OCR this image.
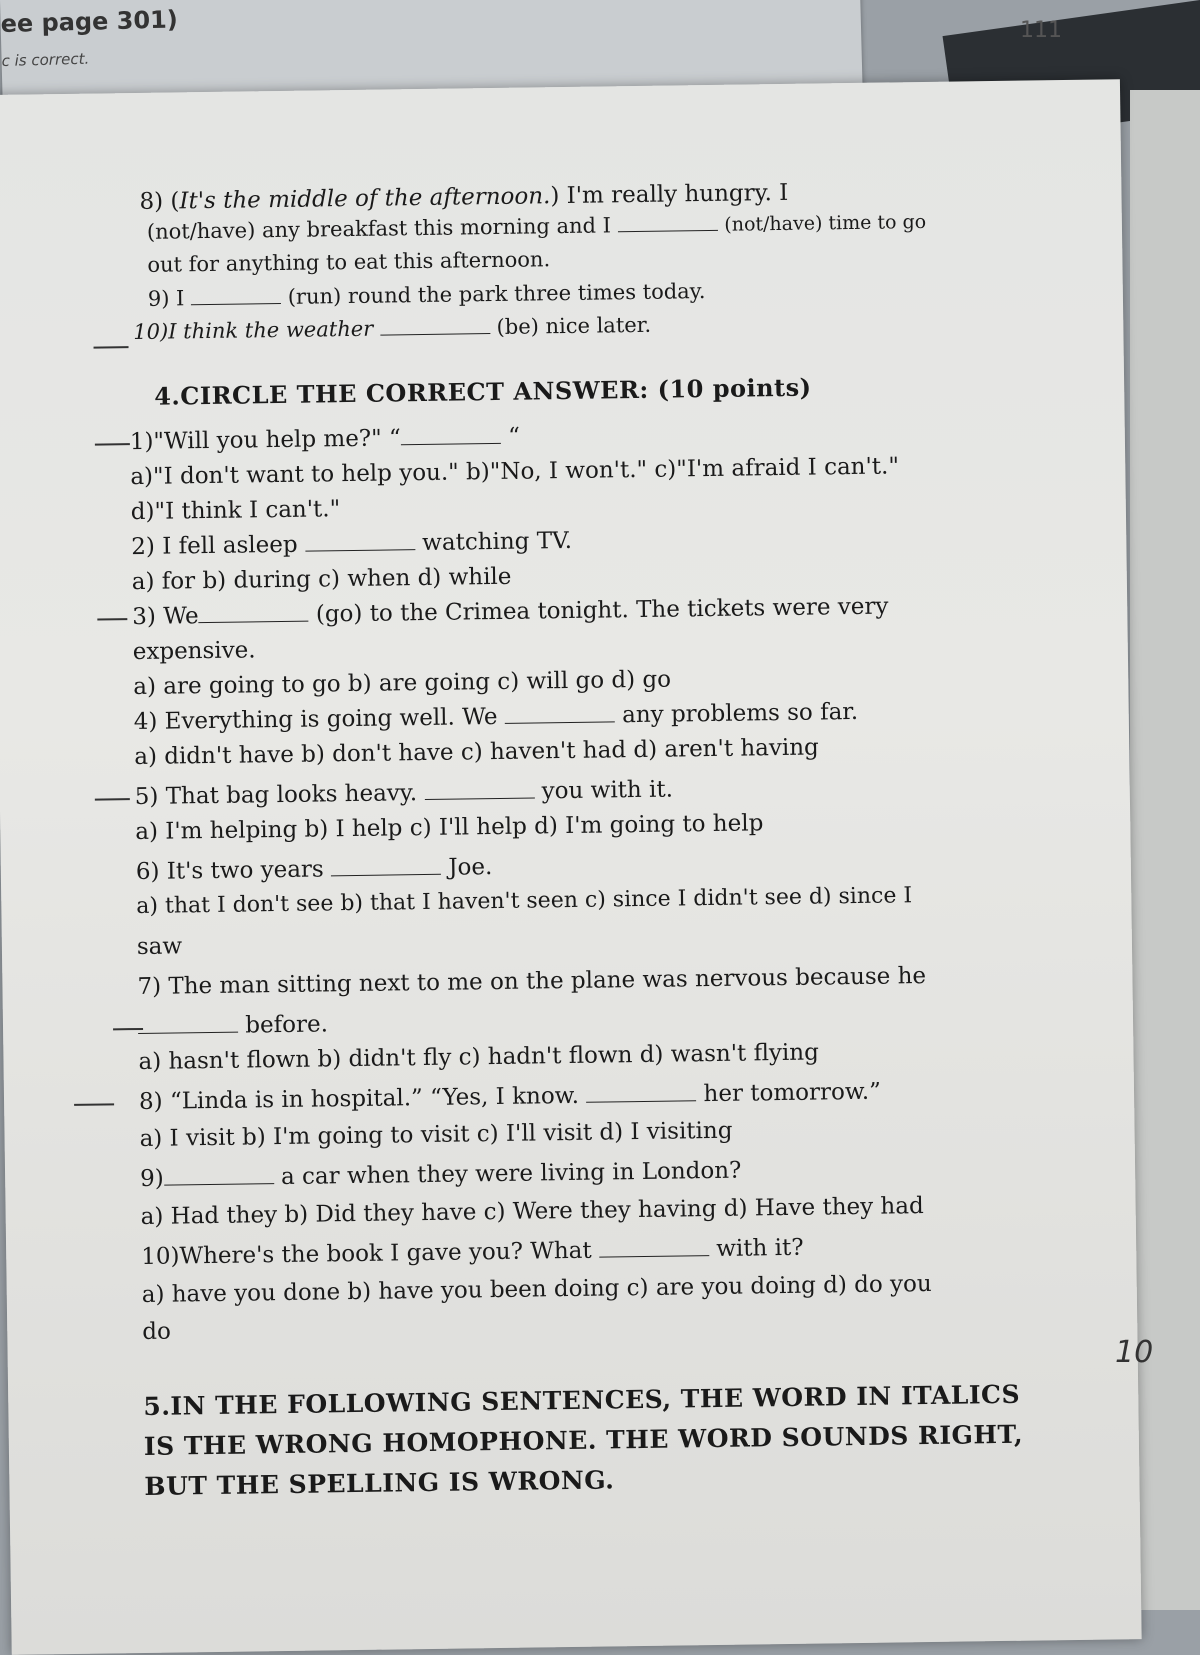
ee page 301)
c is correct.
111
8) (It's the middle of the afternoon.) I'm really hungry. I
(not/have) any breakfast this morning and I	(not/have) time to go
out for anything to eat this afternoon.
9) I	(run) round the park three times today.
10)I think the weather	(be) nice later.
4.CIRCLE THE CORRECT ANSWER: (10 points)
1)"Will you help me?" “	“
a)"I don't want to help you." b)"No, I won't." c)"I'm afraid I can't."
d)"I think I can't."
2) I fell asleep	watching TV.
a) for b) during c) when d) while
3) We	(go) to the Crimea tonight. The tickets were very
expensive.
a) are going to go b) are going c) will go d) go
4) Everything is going well. We	any problems so far.
a) didn't have b) don't have c) haven't had d) aren't having
5) That bag looks heavy.	you with it.
a) I'm helping b) I help c) I'll help d) I'm going to help
6) It's two years	Joe.
a) that I don't see b) that I haven't seen c) since I didn't see d) since I
saw
7) The man sitting next to me on the plane was nervous because he
before.
a) hasn't flown b) didn't fly c) hadn't flown d) wasn't flying
8) “Linda is in hospital.” “Yes, I know.	her tomorrow.”
a) I visit b) I'm going to visit c) I'll visit d) I visiting
9)	a car when they were living in London?
a) Had they b) Did they have c) Were they having d) Have they had
10)Where's the book I gave you? What	with it?
a) have you done b) have you been doing c) are you doing d) do you
do
5.IN THE FOLLOWING SENTENCES, THE WORD IN ITALICS
IS THE WRONG HOMOPHONE. THE WORD SOUNDS RIGHT,
BUT THE SPELLING IS WRONG.
10
